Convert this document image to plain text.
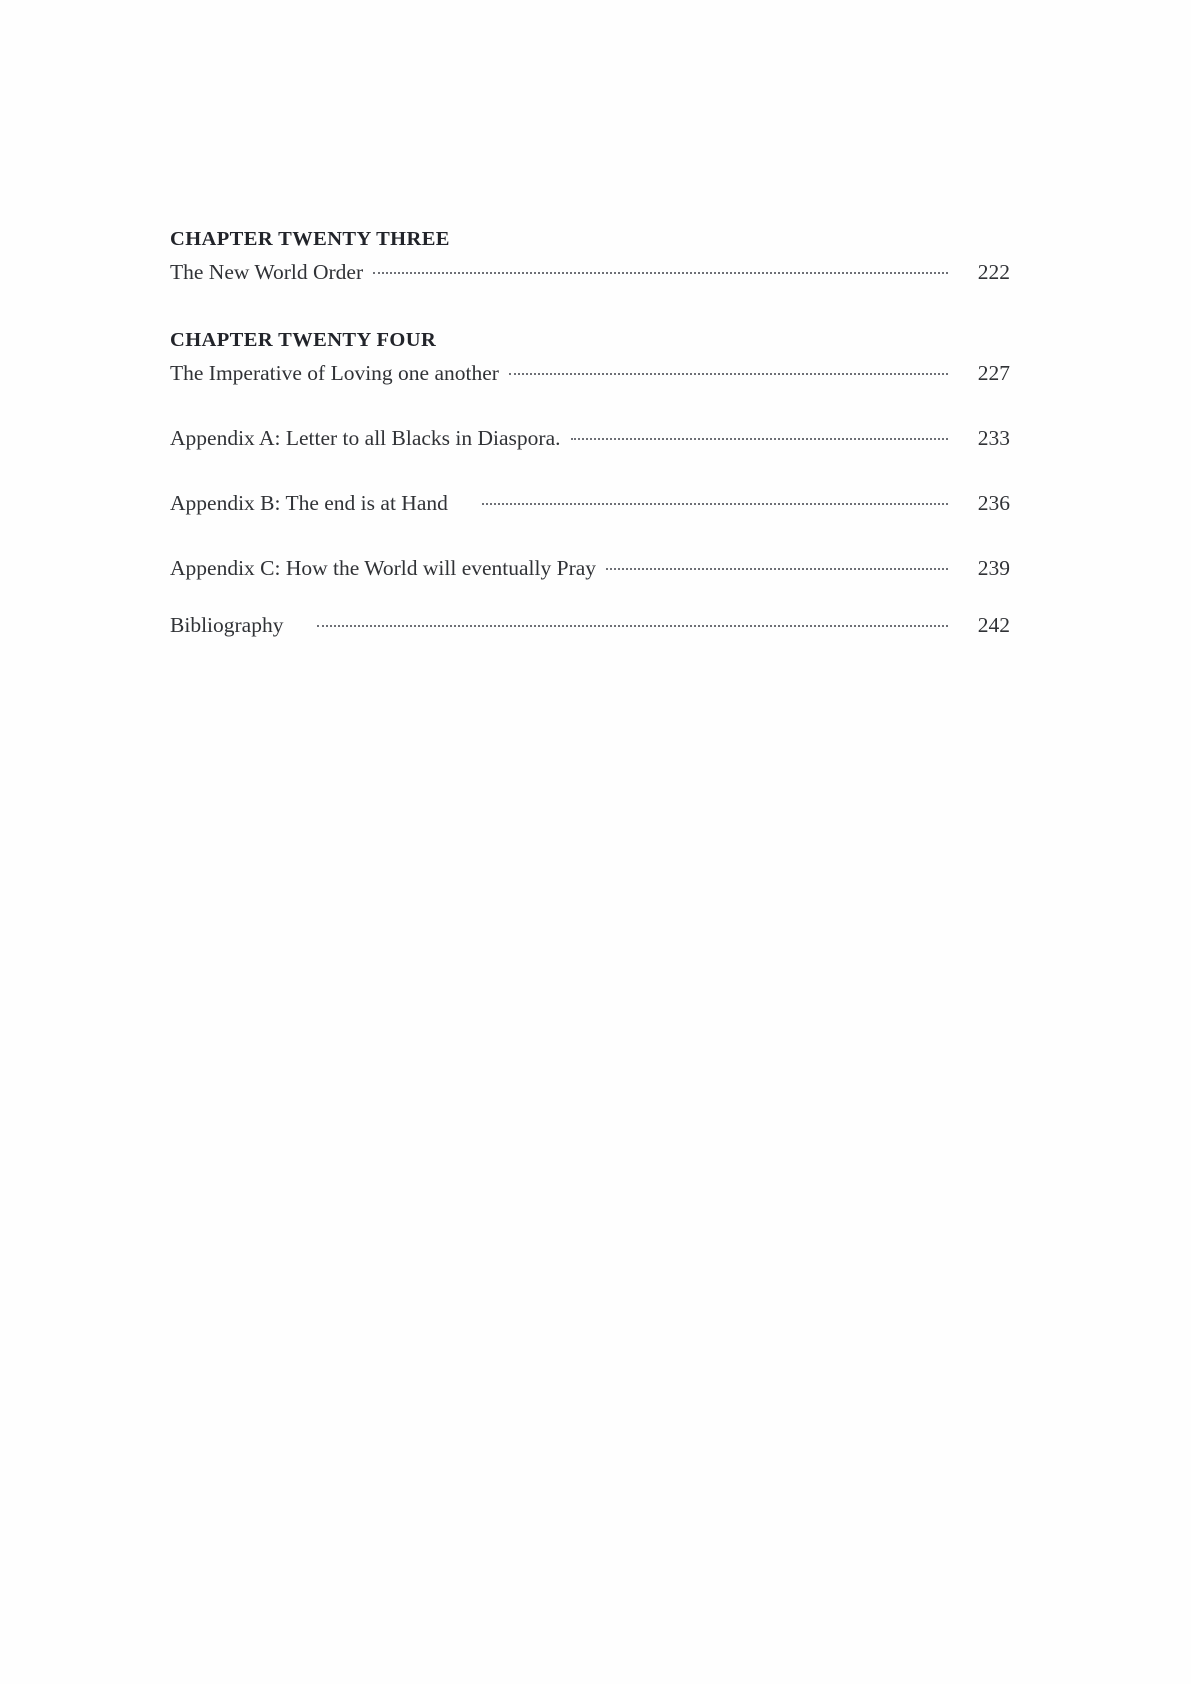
CHAPTER TWENTY THREE
The New World Order	222
CHAPTER TWENTY FOUR
The Imperative of Loving one another	227
Appendix A: Letter to all Blacks in Diaspora.	233
Appendix B: The end is at Hand	236
Appendix C: How the World will eventually Pray	239
Bibliography	242
